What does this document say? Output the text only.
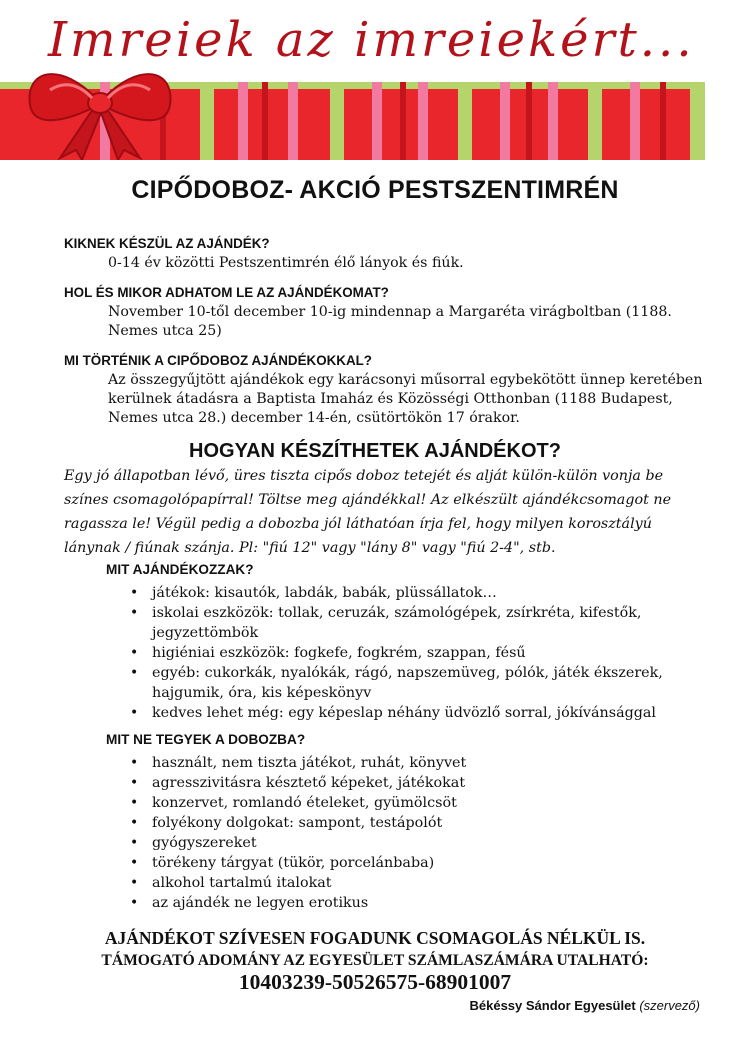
Imreiek az imreiekért...
CIPŐDOBOZ- AKCIÓ PESTSZENTIMRÉN

KIKNEK KÉSZÜL AZ AJÁNDÉK?

0-14 év közötti Pestszentimrén élő lányok és fiúk.

HOL ÉS MIKOR ADHATOM LE AZ AJÁNDÉKOMAT?

November 10-től december 10-ig mindennap a Margaréta virágboltban (1188. Nemes utca 25)

MI TÖRTÉNIK A CIPŐDOBOZ AJÁNDÉKOKKAL?

Az összegyűjtött ajándékok egy karácsonyi műsorral egybekötött ünnep keretében kerülnek átadásra a Baptista Imaház és Közösségi Otthonban (1188 Budapest, Nemes utca 28.) december 14-én, csütörtökön 17 órakor.

HOGYAN KÉSZÍTHETEK AJÁNDÉKOT?
Egy jó állapotban lévő, üres tiszta cipős doboz tetejét és alját külön-külön vonja be színes csomagolópapírral! Töltse meg ajándékkal! Az elkészült ajándékcsomagot ne ragassza le! Végül pedig a dobozba jól láthatóan írja fel, hogy milyen korosztályú lánynak / fiúnak szánja. Pl: "fiú 12" vagy "lány 8" vagy "fiú 2-4", stb.
MIT AJÁNDÉKOZZAK?
• játékok: kisautók, labdák, babák, plüssállatok…
• iskolai eszközök: tollak, ceruzák, számológépek, zsírkréta, kifestők, jegyzettömbök
• higiéniai eszközök: fogkefe, fogkrém, szappan, fésű
• egyéb: cukorkák, nyalókák, rágó, napszemüveg, pólók, játék ékszerek, hajgumik, óra, kis képeskönyv
• kedves lehet még: egy képeslap néhány üdvözlő sorral, jókívánsággal
MIT NE TEGYEK A DOBOZBA?
• használt, nem tiszta játékot, ruhát, könyvet
• agresszivitásra késztető képeket, játékokat
• konzervet, romlandó ételeket, gyümölcsöt
• folyékony dolgokat: sampont, testápolót
• gyógyszereket
• törékeny tárgyat (tükör, porcelánbaba)
• alkohol tartalmú italokat
• az ajándék ne legyen erotikus
AJÁNDÉKOT SZÍVESEN FOGADUNK CSOMAGOLÁS NÉLKÜL IS.
TÁMOGATÓ ADOMÁNY AZ EGYESÜLET SZÁMLASZÁMÁRA UTALHATÓ:
10403239-50526575-68901007
Békéssy Sándor Egyesület (szervező)
